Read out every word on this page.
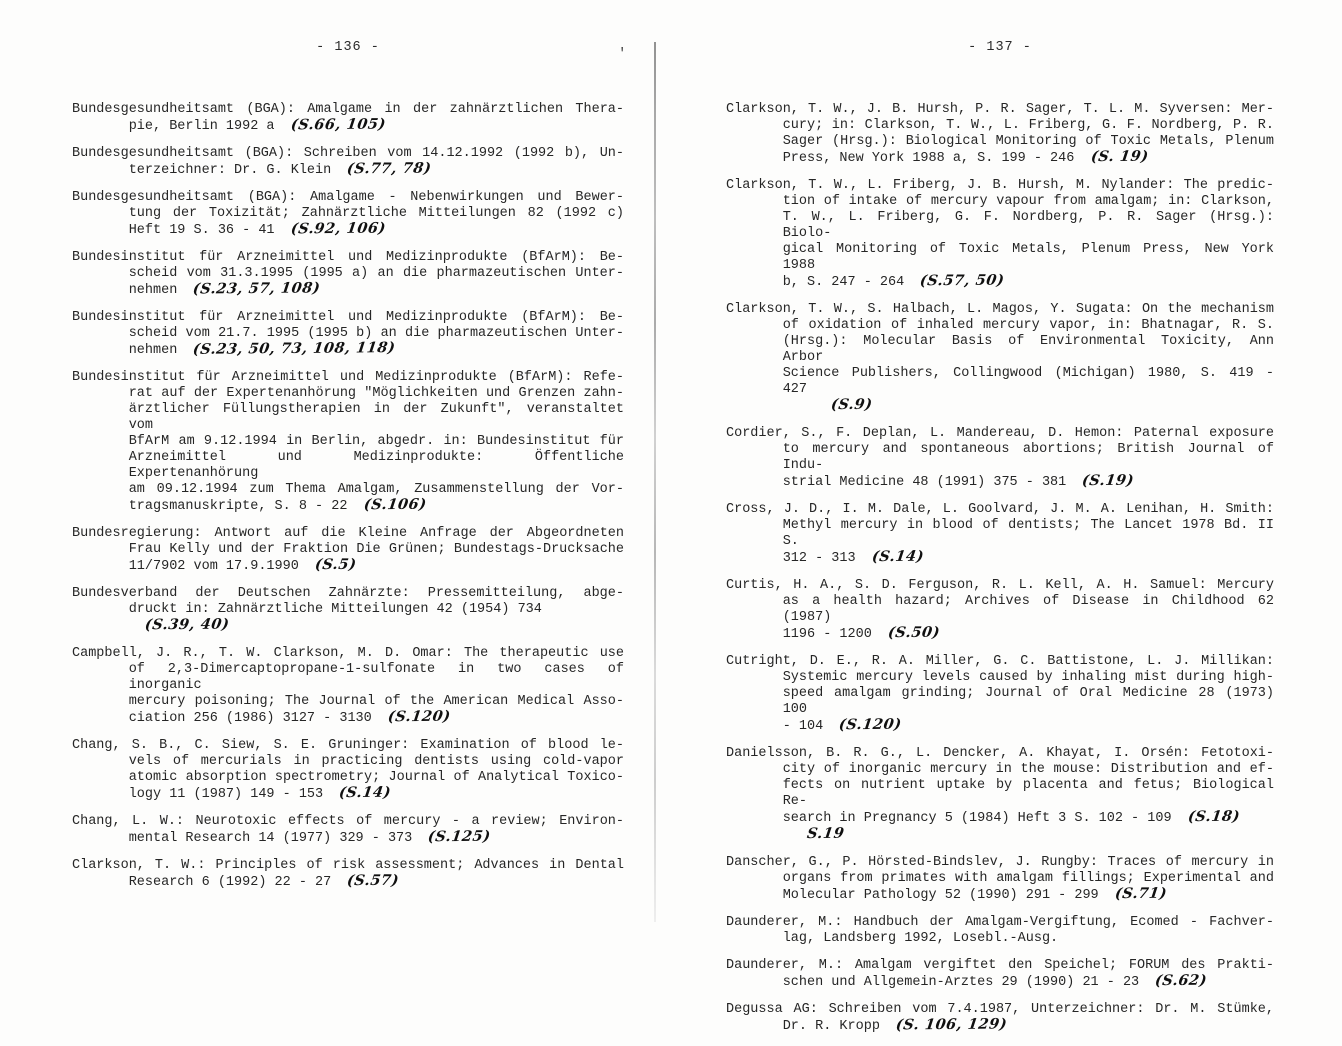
'
- 136 -
Bundesgesundheitsamt (BGA): Amalgame in der zahnärztlichen Thera-
pie, Berlin 1992 a (S.66, 105)
Bundesgesundheitsamt (BGA): Schreiben vom 14.12.1992 (1992 b), Un-
terzeichner: Dr. G. Klein (S.77, 78)
Bundesgesundheitsamt (BGA): Amalgame - Nebenwirkungen und Bewer-
tung der Toxizität; Zahnärztliche Mitteilungen 82 (1992 c)
Heft 19 S. 36 - 41 (S.92, 106)
Bundesinstitut für Arzneimittel und Medizinprodukte (BfArM): Be-
scheid vom 31.3.1995 (1995 a) an die pharmazeutischen Unter-
nehmen (S.23, 57, 108)
Bundesinstitut für Arzneimittel und Medizinprodukte (BfArM): Be-
scheid vom 21.7. 1995 (1995 b) an die pharmazeutischen Unter-
nehmen (S.23, 50, 73, 108, 118)
Bundesinstitut für Arzneimittel und Medizinprodukte (BfArM): Refe-
rat auf der Expertenanhörung "Möglichkeiten und Grenzen zahn-
ärztlicher Füllungstherapien in der Zukunft", veranstaltet vom
BfArM am 9.12.1994 in Berlin, abgedr. in: Bundesinstitut für
Arzneimittel und Medizinprodukte: Öffentliche Expertenanhörung
am 09.12.1994 zum Thema Amalgam, Zusammenstellung der Vor-
tragsmanuskripte, S. 8 - 22 (S.106)
Bundesregierung: Antwort auf die Kleine Anfrage der Abgeordneten
Frau Kelly und der Fraktion Die Grünen; Bundestags-Drucksache
11/7902 vom 17.9.1990 (S.5)
Bundesverband der Deutschen Zahnärzte: Pressemitteilung, abge-
druckt in: Zahnärztliche Mitteilungen 42 (1954) 734(S.39, 40)
Campbell, J. R., T. W. Clarkson, M. D. Omar: The therapeutic use
of 2,3-Dimercaptopropane-1-sulfonate in two cases of inorganic
mercury poisoning; The Journal of the American Medical Asso-
ciation 256 (1986) 3127 - 3130 (S.120)
Chang, S. B., C. Siew, S. E. Gruninger: Examination of blood le-
vels of mercurials in practicing dentists using cold-vapor
atomic absorption spectrometry; Journal of Analytical Toxico-
logy 11 (1987) 149 - 153 (S.14)
Chang, L. W.: Neurotoxic effects of mercury - a review; Environ-
mental Research 14 (1977) 329 - 373 (S.125)
Clarkson, T. W.: Principles of risk assessment; Advances in Dental
Research 6 (1992) 22 - 27 (S.57)
- 137 -
Clarkson, T. W., J. B. Hursh, P. R. Sager, T. L. M. Syversen: Mer-
cury; in: Clarkson, T. W., L. Friberg, G. F. Nordberg, P. R.
Sager (Hrsg.): Biological Monitoring of Toxic Metals, Plenum
Press, New York 1988 a, S. 199 - 246 (S. 19)
Clarkson, T. W., L. Friberg, J. B. Hursh, M. Nylander: The predic-
tion of intake of mercury vapour from amalgam; in: Clarkson,
T. W., L. Friberg, G. F. Nordberg, P. R. Sager (Hrsg.): Biolo-
gical Monitoring of Toxic Metals, Plenum Press, New York 1988
b, S. 247 - 264 (S.57, 50)
Clarkson, T. W., S. Halbach, L. Magos, Y. Sugata: On the mechanism
of oxidation of inhaled mercury vapor, in: Bhatnagar, R. S.
(Hrsg.): Molecular Basis of Environmental Toxicity, Ann Arbor
Science Publishers, Collingwood (Michigan) 1980, S. 419 - 427
(S.9)
Cordier, S., F. Deplan, L. Mandereau, D. Hemon: Paternal exposure
to mercury and spontaneous abortions; British Journal of Indu-
strial Medicine 48 (1991) 375 - 381 (S.19)
Cross, J. D., I. M. Dale, L. Goolvard, J. M. A. Lenihan, H. Smith:
Methyl mercury in blood of dentists; The Lancet 1978 Bd. II S.
312 - 313 (S.14)
Curtis, H. A., S. D. Ferguson, R. L. Kell, A. H. Samuel: Mercury
as a health hazard; Archives of Disease in Childhood 62 (1987)
1196 - 1200 (S.50)
Cutright, D. E., R. A. Miller, G. C. Battistone, L. J. Millikan:
Systemic mercury levels caused by inhaling mist during high-
speed amalgam grinding; Journal of Oral Medicine 28 (1973) 100
- 104 (S.120)
Danielsson, B. R. G., L. Dencker, A. Khayat, I. Orsén: Fetotoxi-
city of inorganic mercury in the mouse: Distribution and ef-
fects on nutrient uptake by placenta and fetus; Biological Re-
search in Pregnancy 5 (1984) Heft 3 S. 102 - 109 (S.18)
S.19
Danscher, G., P. Hörsted-Bindslev, J. Rungby: Traces of mercury in
organs from primates with amalgam fillings; Experimental and
Molecular Pathology 52 (1990) 291 - 299 (S.71)
Daunderer, M.: Handbuch der Amalgam-Vergiftung, Ecomed - Fachver-
lag, Landsberg 1992, Losebl.-Ausg.
Daunderer, M.: Amalgam vergiftet den Speichel; FORUM des Prakti-
schen und Allgemein-Arztes 29 (1990) 21 - 23 (S.62)
Degussa AG: Schreiben vom 7.4.1987, Unterzeichner: Dr. M. Stümke,
Dr. R. Kropp (S. 106, 129)
